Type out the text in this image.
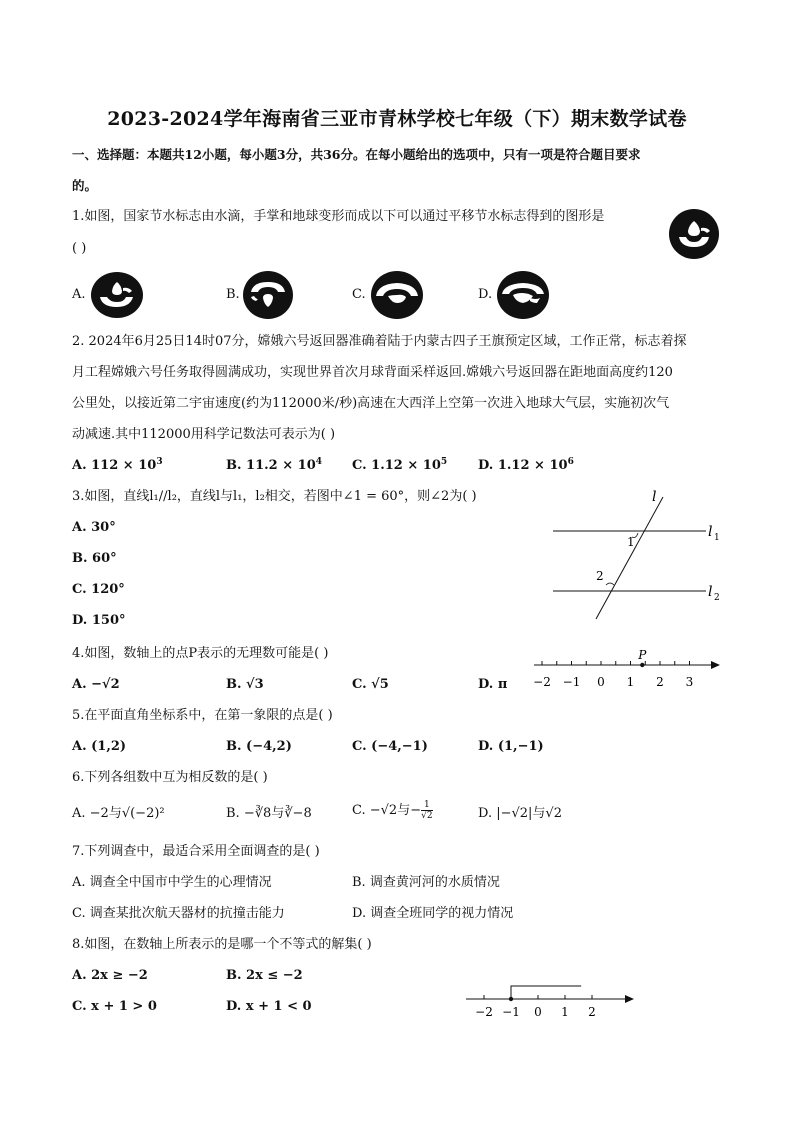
2023-2024学年海南省三亚市青林学校七年级（下）期末数学试卷
一、选择题：本题共12小题，每小题3分，共36分。在每小题给出的选项中，只有一项是符合题目要求
的。
1.如图，国家节水标志由水滴，手掌和地球变形而成以下可以通过平移节水标志得到的图形是
( )
A.	B.	C.	D.
2. 2024年6月25日14时07分，嫦娥六号返回器准确着陆于内蒙古四子王旗预定区域，工作正常，标志着探
月工程嫦娥六号任务取得圆满成功，实现世界首次月球背面采样返回.嫦娥六号返回器在距地面高度约120
公里处，以接近第二宇宙速度(约为112000米/秒)高速在大西洋上空第一次进入地球大气层，实施初次气
动减速.其中112000用科学记数法可表示为( )
A. $112 \times 10^3$	B. $11.2 \times 10^4$ C. $1.12 \times 10^5$ D. $1.12 \times 10^6$
3.如图，直线l₁//l₂，直线l与l₁，l₂相交，若图中∠1 = 60°，则∠2为( )
A. 30°
B. 60°
C. 120°
D. 150°
l
l 1
l 2
1
2
4.如图，数轴上的点P表示的无理数可能是( )
A. −√2	B. √3	C. √5	D. π −2 −1 0 1 2 3
P
5.在平面直角坐标系中，在第一象限的点是( )
A. (1,2)	B. (−4,2)	C. (−4,−1)	D. (1,−1)
6.下列各组数中互为相反数的是( )
A. −2与√(−2)²	B. −∛8与∛−8	C. −√2与− $\frac{1}{√2}$	D. |−√2|与√2
7.下列调查中，最适合采用全面调查的是( )
A. 调查全中国市中学生的心理情况	B. 调查黄河河的水质情况
C. 调查某批次航天器材的抗撞击能力	D. 调查全班同学的视力情况
8.如图，在数轴上所表示的是哪一个不等式的解集( )
A. 2x ≥ −2	B. 2x ≤ −2
C. x + 1 > 0	D. x + 1 < 0	−2 −1 0 1 2
